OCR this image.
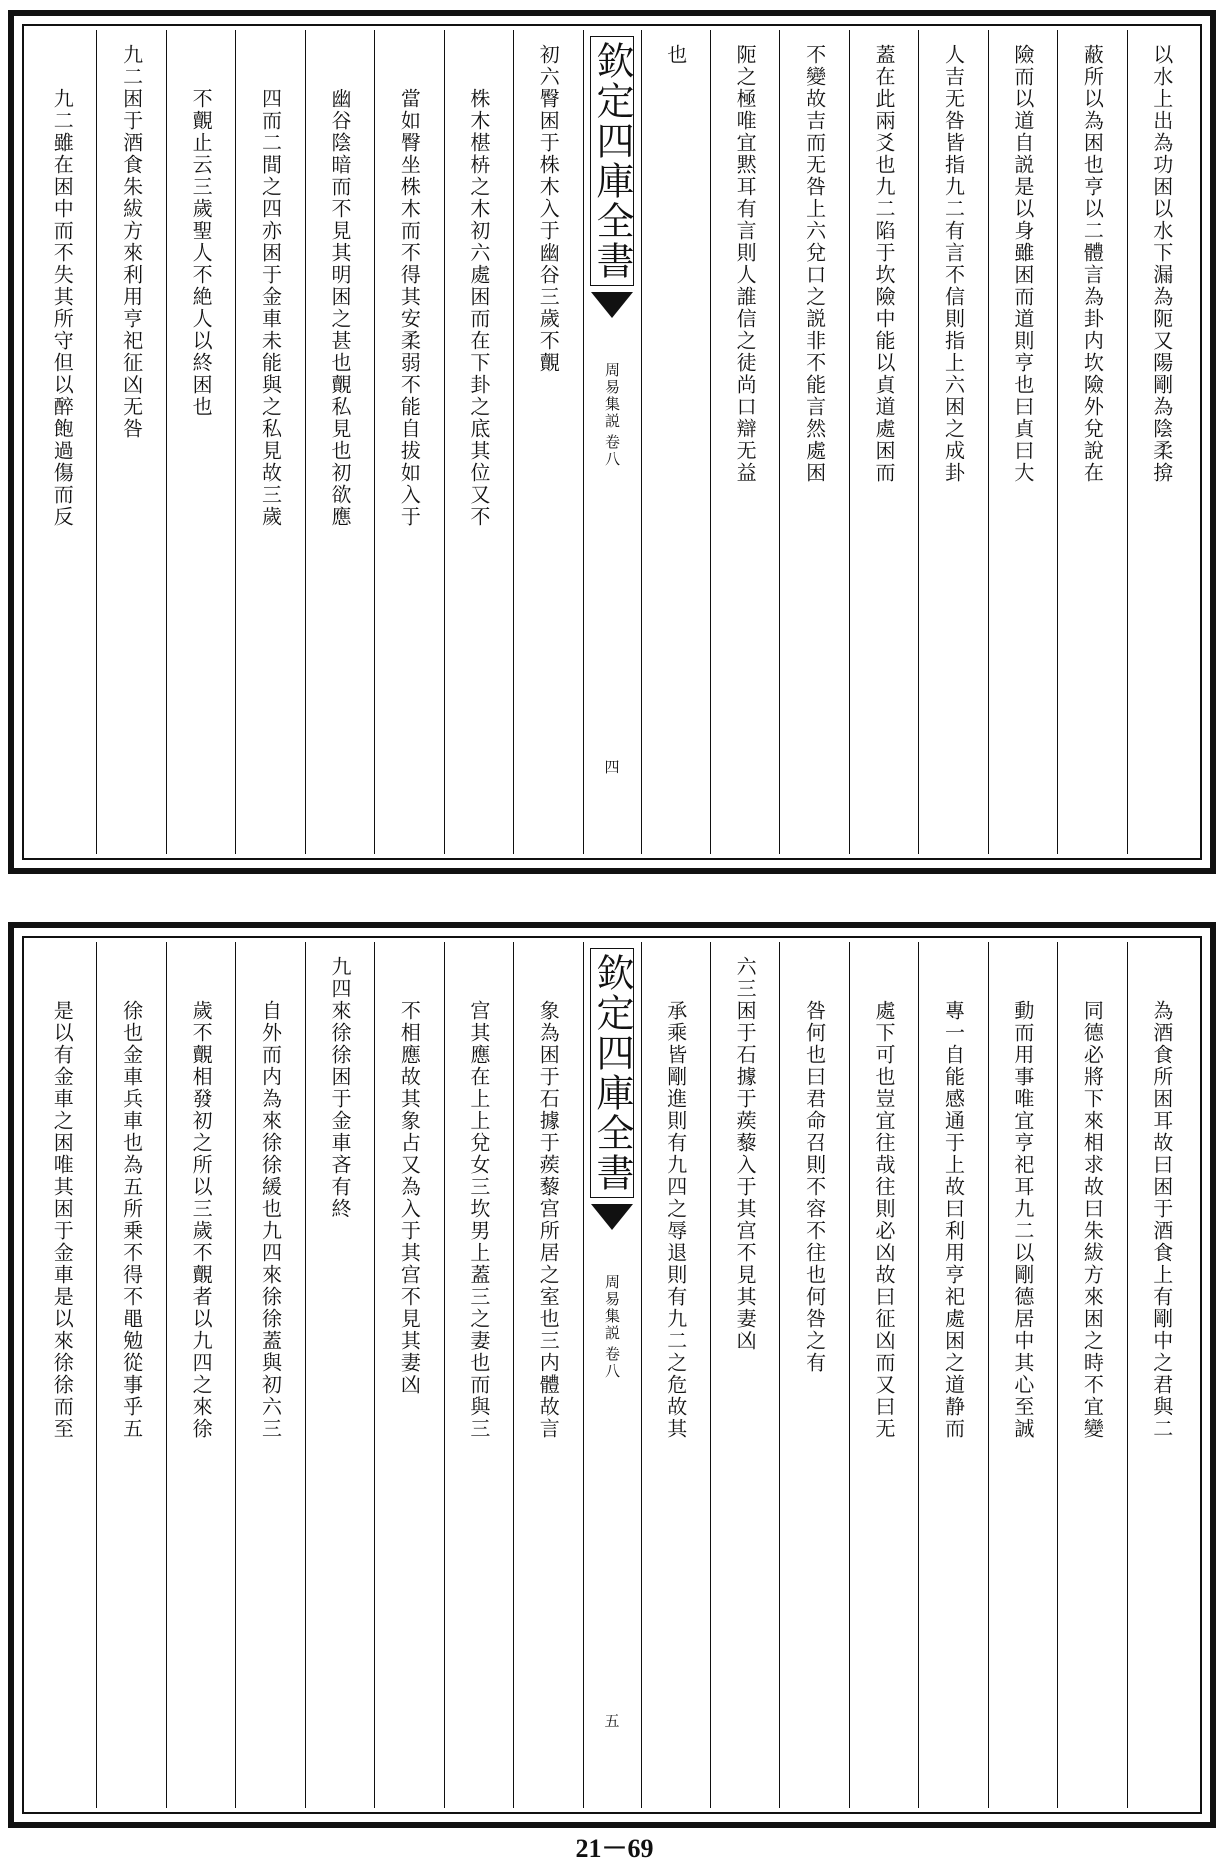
以水上出為功困以水下漏為阨又陽剛為陰柔揜
蔽所以為困也亨以二體言為卦内坎險外兌說在
險而以道自説是以身雖困而道則亨也曰貞曰大
人吉无咎皆指九二有言不信則指上六困之成卦
蓋在此兩爻也九二陷于坎險中能以貞道處困而
不變故吉而无咎上六兌口之説非不能言然處困
阨之極唯宜黙耳有言則人誰信之徒尚口辯无益
也
欽定四庫全書
周易集説
卷八
四
初六臀困于株木入于幽谷三歲不覿
株木椹枿之木初六處困而在下卦之底其位又不
當如臀坐株木而不得其安柔弱不能自拔如入于
幽谷陰暗而不見其明困之甚也覿私見也初欲應
四而二間之四亦困于金車未能與之私見故三歲
不覿止云三歲聖人不絶人以終困也
九二困于酒食朱紱方來利用亨祀征凶无咎
九二雖在困中而不失其所守但以醉飽過傷而反
為酒食所困耳故曰困于酒食上有剛中之君與二
同德必將下來相求故曰朱紱方來困之時不宜變
動而用事唯宜亨祀耳九二以剛德居中其心至誠
專一自能感通于上故曰利用亨祀處困之道静而
處下可也豈宜往哉往則必凶故曰征凶而又曰无
咎何也曰君命召則不容不往也何咎之有
六三困于石據于蒺藜入于其宫不見其妻凶
承乘皆剛進則有九四之辱退則有九二之危故其
欽定四庫全書
周易集説
卷八
五
象為困于石據于蒺藜宫所居之室也三内體故言
宫其應在上上兌女三坎男上蓋三之妻也而與三
不相應故其象占又為入于其宫不見其妻凶
九四來徐徐困于金車吝有終
自外而内為來徐徐緩也九四來徐徐蓋與初六三
歲不覿相發初之所以三歲不覿者以九四之來徐
徐也金車兵車也為五所乗不得不黽勉從事乎五
是以有金車之困唯其困于金車是以來徐徐而至
21－69
